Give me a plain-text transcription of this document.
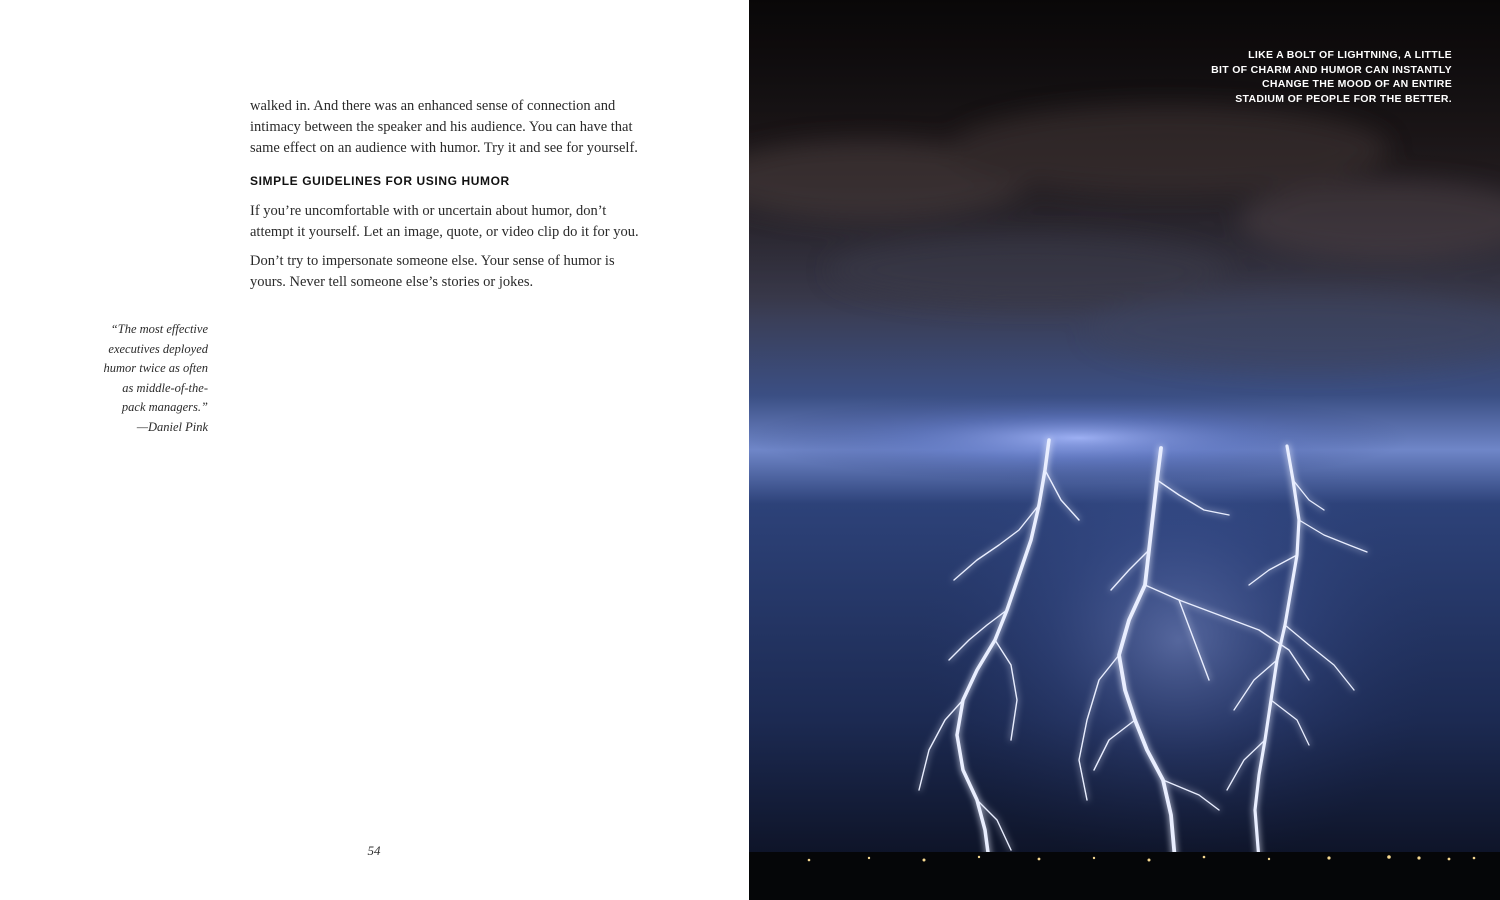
walked in. And there was an enhanced sense of connection and intimacy between the speaker and his audience. You can have that same effect on an audience with humor. Try it and see for yourself.

SIMPLE GUIDELINES FOR USING HUMOR

If you’re uncomfortable with or uncertain about humor, don’t attempt it yourself. Let an image, quote, or video clip do it for you.

Don’t try to impersonate someone else. Your sense of humor is yours. Never tell someone else’s stories or jokes.

“The most effective
executives deployed
humor twice as often
as middle-of-the-
pack managers.”
—Daniel Pink
54
LIKE A BOLT OF LIGHTNING, A LITTLE
BIT OF CHARM AND HUMOR CAN INSTANTLY
CHANGE THE MOOD OF AN ENTIRE
STADIUM OF PEOPLE FOR THE BETTER.
